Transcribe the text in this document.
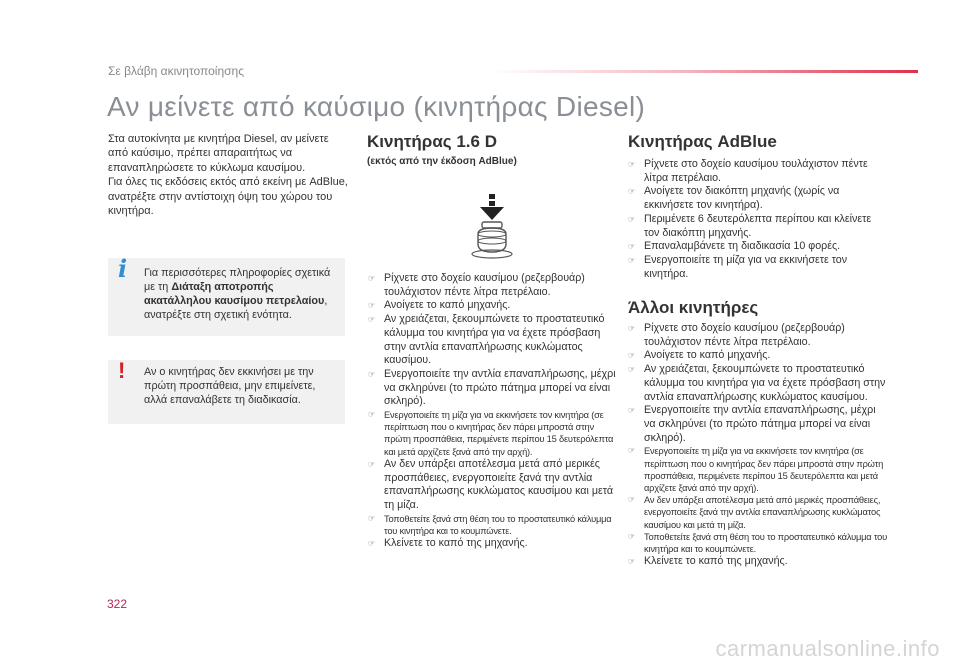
Σε βλάβη ακινητοποίησης
Αν μείνετε από καύσιμο (κινητήρας Diesel)

Στα αυτοκίνητα με κινητήρα Diesel, αν μείνετε από καύσιμο, πρέπει απαραιτήτως να επαναπληρώσετε το κύκλωμα καυσίμου.

Για όλες τις εκδόσεις εκτός από εκείνη με AdBlue, ανατρέξτε στην αντίστοιχη όψη του χώρου του κινητήρα.

i	Για περισσότερες πληροφορίες σχετικά με τη Διάταξη αποτροπής ακατάλληλου καυσίμου πετρελαίου, ανατρέξτε στη σχετική ενότητα.
!	Αν ο κινητήρας δεν εκκινήσει με την πρώτη προσπάθεια, μην επιμείνετε, αλλά επαναλάβετε τη διαδικασία.
Κινητήρας 1.6 D
(εκτός από την έκδοση AdBlue)
☞ Ρίχνετε στο δοχείο καυσίμου (ρεζερβουάρ) τουλάχιστον πέντε λίτρα πετρέλαιο.
☞ Ανοίγετε το καπό μηχανής.
☞ Αν χρειάζεται, ξεκουμπώνετε το προστατευτικό κάλυμμα του κινητήρα για να έχετε πρόσβαση στην αντλία επαναπλήρωσης κυκλώματος καυσίμου.
☞ Ενεργοποιείτε την αντλία επαναπλήρωσης, μέχρι να σκληρύνει (το πρώτο πάτημα μπορεί να είναι σκληρό).
☞ Ενεργοποιείτε τη μίζα για να εκκινήσετε τον κινητήρα (σε περίπτωση που ο κινητήρας δεν πάρει μπροστά στην πρώτη προσπάθεια, περιμένετε περίπου 15 δευτερόλεπτα και μετά αρχίζετε ξανά από την αρχή).
☞ Αν δεν υπάρξει αποτέλεσμα μετά από μερικές προσπάθειες, ενεργοποιείτε ξανά την αντλία επαναπλήρωσης κυκλώματος καυσίμου και μετά τη μίζα.
☞ Τοποθετείτε ξανά στη θέση του το προστατευτικό κάλυμμα του κινητήρα και το κουμπώνετε.
☞ Κλείνετε το καπό της μηχανής.
Κινητήρας AdBlue
☞ Ρίχνετε στο δοχείο καυσίμου τουλάχιστον πέντε λίτρα πετρέλαιο.
☞ Ανοίγετε τον διακόπτη μηχανής (χωρίς να εκκινήσετε τον κινητήρα).
☞ Περιμένετε 6 δευτερόλεπτα περίπου και κλείνετε τον διακόπτη μηχανής.
☞ Επαναλαμβάνετε τη διαδικασία 10 φορές.
☞ Ενεργοποιείτε τη μίζα για να εκκινήσετε τον κινητήρα.
Άλλοι κινητήρες
☞ Ρίχνετε στο δοχείο καυσίμου (ρεζερβουάρ) τουλάχιστον πέντε λίτρα πετρέλαιο.
☞ Ανοίγετε το καπό μηχανής.
☞ Αν χρειάζεται, ξεκουμπώνετε το προστατευτικό κάλυμμα του κινητήρα για να έχετε πρόσβαση στην αντλία επαναπλήρωσης κυκλώματος καυσίμου.
☞ Ενεργοποιείτε την αντλία επαναπλήρωσης, μέχρι να σκληρύνει (το πρώτο πάτημα μπορεί να είναι σκληρό).
☞ Ενεργοποιείτε τη μίζα για να εκκινήσετε τον κινητήρα (σε περίπτωση που ο κινητήρας δεν πάρει μπροστά στην πρώτη προσπάθεια, περιμένετε περίπου 15 δευτερόλεπτα και μετά αρχίζετε ξανά από την αρχή).
☞ Αν δεν υπάρξει αποτέλεσμα μετά από μερικές προσπάθειες, ενεργοποιείτε ξανά την αντλία επαναπλήρωσης κυκλώματος καυσίμου και μετά τη μίζα.
☞ Τοποθετείτε ξανά στη θέση του το προστατευτικό κάλυμμα του κινητήρα και το κουμπώνετε.
☞ Κλείνετε το καπό της μηχανής.
322
carmanualsonline.info
